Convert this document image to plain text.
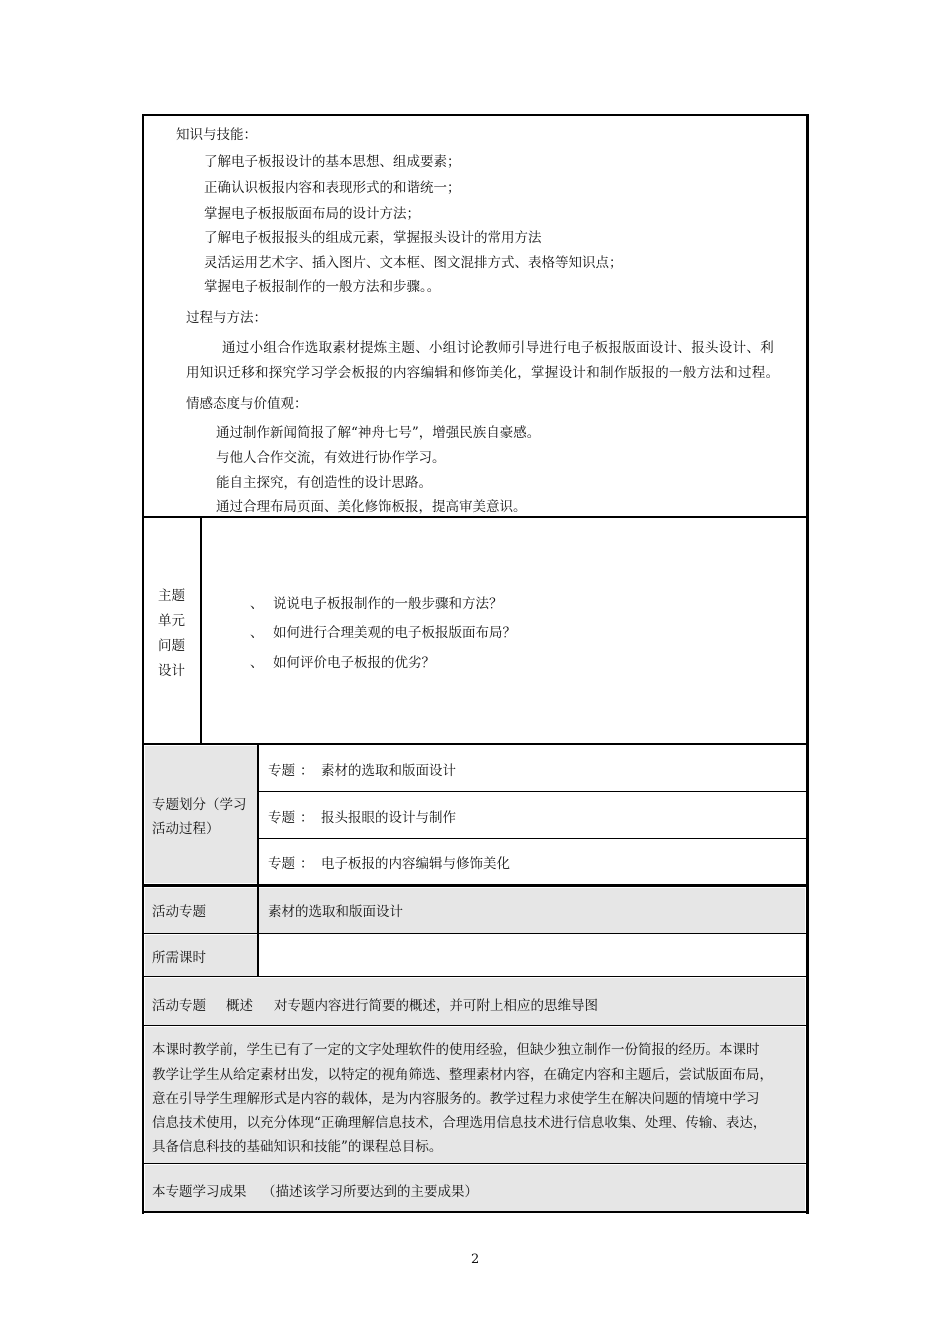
知识与技能：
了解电子板报设计的基本思想、组成要素；
正确认识板报内容和表现形式的和谐统一；
掌握电子板报版面布局的设计方法；
了解电子板报报头的组成元素，掌握报头设计的常用方法
灵活运用艺术字、插入图片、文本框、图文混排方式、表格等知识点；
掌握电子板报制作的一般方法和步骤。。
过程与方法：
通过小组合作选取素材提炼主题、小组讨论教师引导进行电子板报版面设计、报头设计、利
用知识迁移和探究学习学会板报的内容编辑和修饰美化，掌握设计和制作版报的一般方法和过程。
情感态度与价值观：
通过制作新闻简报了解“神舟七号”，增强民族自豪感。
与他人合作交流，有效进行协作学习。
能自主探究，有创造性的设计思路。
通过合理布局页面、美化修饰板报，提高审美意识。
主题
单元
问题
设计
、 说说电子板报制作的一般步骤和方法？
、 如何进行合理美观的电子板报版面布局？
、 如何评价电子板报的优劣？
专题划分（学习
活动过程）
专题 ： 素材的选取和版面设计
专题 ： 报头报眼的设计与制作
专题 ： 电子板报的内容编辑与修饰美化
活动专题	素材的选取和版面设计
所需课时
活动专题 概述 对专题内容进行简要的概述，并可附上相应的思维导图
本课时教学前，学生已有了一定的文字处理软件的使用经验，但缺少独立制作一份简报的经历。本课时
教学让学生从给定素材出发，以特定的视角筛选、整理素材内容，在确定内容和主题后，尝试版面布局，
意在引导学生理解形式是内容的载体，是为内容服务的。教学过程力求使学生在解决问题的情境中学习
信息技术使用，以充分体现“正确理解信息技术，合理选用信息技术进行信息收集、处理、传输、表达，
具备信息科技的基础知识和技能”的课程总目标。
本专题学习成果 （描述该学习所要达到的主要成果）
2
